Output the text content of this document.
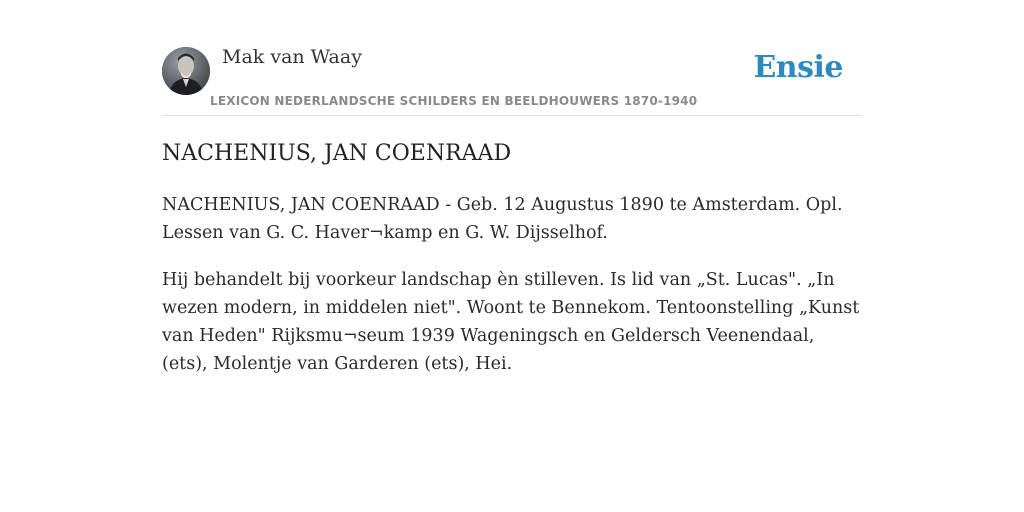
Mak van Waay
LEXICON NEDERLANDSCHE SCHILDERS EN BEELDHOUWERS 1870-1940
Ensie
NACHENIUS, JAN COENRAAD

NACHENIUS, JAN COENRAAD - Geb. 12 Augustus 1890 te Amsterdam. Opl. Lessen van G. C. Haver¬kamp en G. W. Dijsselhof.

Hij behandelt bij voorkeur landschap èn stilleven. Is lid van „St. Lucas". „In wezen modern, in middelen niet". Woont te Bennekom. Tentoonstelling „Kunst van Heden" Rijksmu¬seum 1939 Wageningsch en Geldersch Veenendaal, (ets), Molentje van Garderen (ets), Hei.
